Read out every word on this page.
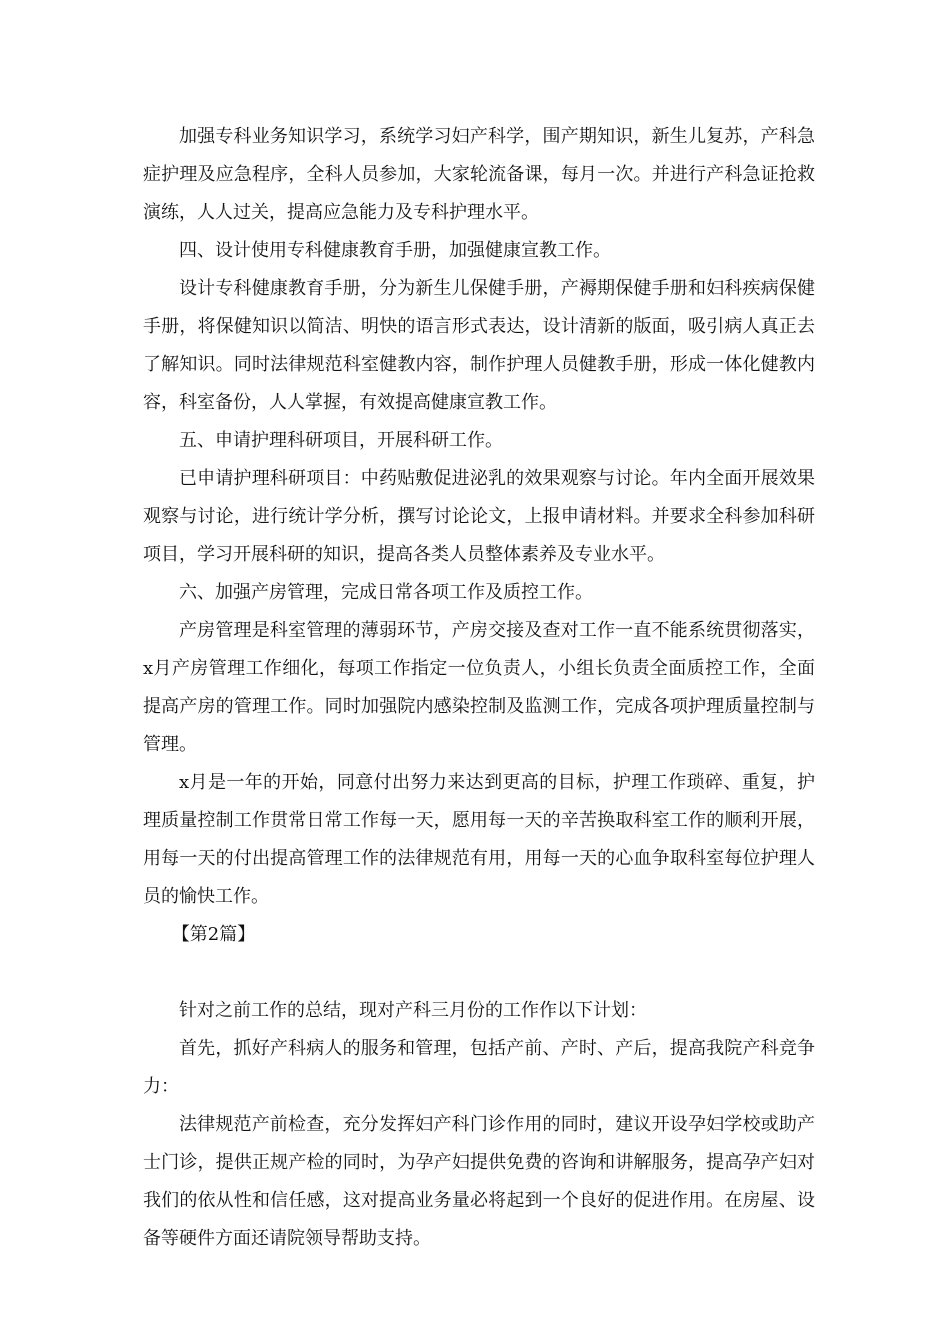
加强专科业务知识学习，系统学习妇产科学，围产期知识，新生儿复苏，产科急症护理及应急程序，全科人员参加，大家轮流备课，每月一次。并进行产科急证抢救演练，人人过关，提高应急能力及专科护理水平。

四、设计使用专科健康教育手册，加强健康宣教工作。

设计专科健康教育手册，分为新生儿保健手册，产褥期保健手册和妇科疾病保健手册，将保健知识以简洁、明快的语言形式表达，设计清新的版面，吸引病人真正去了解知识。同时法律规范科室健教内容，制作护理人员健教手册，形成一体化健教内容，科室备份，人人掌握，有效提高健康宣教工作。

五、申请护理科研项目，开展科研工作。

已申请护理科研项目：中药贴敷促进泌乳的效果观察与讨论。年内全面开展效果观察与讨论，进行统计学分析，撰写讨论论文，上报申请材料。并要求全科参加科研项目，学习开展科研的知识，提高各类人员整体素养及专业水平。

六、加强产房管理，完成日常各项工作及质控工作。

产房管理是科室管理的薄弱环节，产房交接及查对工作一直不能系统贯彻落实，x月产房管理工作细化，每项工作指定一位负责人，小组长负责全面质控工作，全面提高产房的管理工作。同时加强院内感染控制及监测工作，完成各项护理质量控制与管理。

x月是一年的开始，同意付出努力来达到更高的目标，护理工作琐碎、重复，护理质量控制工作贯常日常工作每一天，愿用每一天的辛苦换取科室工作的顺利开展，用每一天的付出提高管理工作的法律规范有用，用每一天的心血争取科室每位护理人员的愉快工作。

【第2篇】

针对之前工作的总结，现对产科三月份的工作作以下计划：

首先，抓好产科病人的服务和管理，包括产前、产时、产后，提高我院产科竞争力：

法律规范产前检查，充分发挥妇产科门诊作用的同时，建议开设孕妇学校或助产士门诊，提供正规产检的同时，为孕产妇提供免费的咨询和讲解服务，提高孕产妇对我们的依从性和信任感，这对提高业务量必将起到一个良好的促进作用。在房屋、设备等硬件方面还请院领导帮助支持。
